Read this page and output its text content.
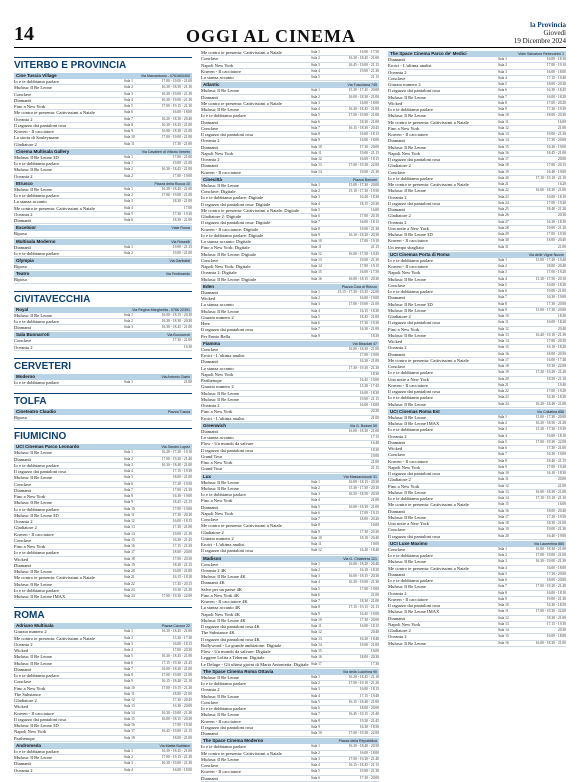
14	OGGI AL CINEMA
la Provincia
Giovedì
19 Dicembre 2024
VITERBO E PROVINCIA
Cine Tuscia Village	Via Marcantonio - 0761800400
Io e te dobbiamo parlare	Sala 1	17.00 - 19.00 - 21.00
Mufasa: Il Re Leone	Sala 2	16.30 - 18.50 - 21.10
Conclave	Sala 3	16.30 - 19.00 - 21.30
Diamanti	Sala 4	16.30 - 19.00 - 21.30
Fino a New York	Sala 5	17.00 - 19.15 - 21.30
Me contro te presenta: Cattivissimi a Natale	Sala 6	16.00 - 18.00
Oceania 2	Sala 7	16.20 - 18.30 - 20.40
Il ragazzo dai pantaloni rosa	Sala 8	16.30 - 18.45 - 21.00
Kraven - Il cacciatore	Sala 9	16.00 - 18.30 - 21.00
La storia di Souleymane	Sala 10	17.00 - 19.00 - 21.00
Gladiatore 2	Sala 11	17.30 - 21.00
Cinema Multisala Gallery	Via Cavalieri di Vittorio Veneto
Mufasa: Il Re Leone 3D	Sala 1	17.00 - 21.00
Io e te dobbiamo parlare	Sala 1	19.00 - 21.00
Mufasa: Il Re Leone	Sala 2	16.30 - 18.45 - 21.00
Oceania 2	Sala 2	17.00 - 19.00
Etrusco	Piazza della Rocca 10
Mufasa: Il Re Leone	Sala 1	16.30 - 18.45 - 21.00
Io e te dobbiamo parlare	Sala 2	17.00 - 19.00 - 21.00
La stanza accanto	Sala 3	18.30 - 21.00
Me contro te presenta: Cattivissimi a Natale	Sala 4	17.00
Oceania 2	Sala 5	17.30 - 19.30
Diamanti	Sala 6	18.30 - 21.00
Excelsior	Viale Roma
Riposo
Multisala Moderno	Via Rosselli
Diamanti	Sala 1	19.00 - 21.15
Io e te dobbiamo parlare	Sala 2	19.00 - 21.00
Olympia	Via Garibaldi
Riposo
Teatro	Via Ferdinando
Riposo
CIVITAVECCHIA
Royal	Via Regina Margherita - 0766 22391
Mufasa: Il Re Leone	Sala 1	16.00 - 18.15 - 20.30
Io e te dobbiamo parlare	Sala 2	16.30 - 18.30 - 20.30
Diamanti	Sala 3	16.30 - 18.45 - 21.00
Sala Buonarroti	Via Buonarroti
Conclave	17.30 - 21.00
Oceania 2	16.30
CERVETERI
Moderno	Via Antonio Ciarlo
Io e te dobbiamo parlare	Sala 1	21.00
TOLFA
Cineteatro Claudio	Piazza Tuscia
Riposo
FIUMICINO
UCI Cinemas Parco Leonardo	Via Sandro Lopez
Mufasa: Il Re Leone	Sala 1	16.20 - 17.20 - 19.10
Diamanti	Sala 2	17.00 - 19.20 - 21.40
Io e te dobbiamo parlare	Sala 3	16.30 - 18.40 - 21.00
Il ragazzo dai pantaloni rosa	Sala 4	17.15 - 19.30
Mufasa: Il Re Leone	Sala 5	18.00 - 21.00
Conclave	Sala 6	17.20 - 19.50
Diamanti	Sala 7	17.00 - 21.30
Fino a New York	Sala 8	16.30 - 19.00
Mufasa: Il Re Leone	Sala 9	18.45 - 21.15
Io e te dobbiamo parlare	Sala 10	17.00 - 19.00
Mufasa: Il Re Leone 3D	Sala 11	17.30 - 20.30
Oceania 2	Sala 12	16.00 - 18.15
Gladiatore 2	Sala 13	17.30 - 21.00
Kraven - Il cacciatore	Sala 14	19.00 - 21.30
Conclave	Sala 15	16.30 - 21.45
Fino a New York	Sala 16	17.15 - 21.30
Io e te dobbiamo parlare	Sala 17	18.00 - 20.00
Wicked	Sala 18	17.00 - 20.30
Diamanti	Sala 19	18.30 - 21.15
Mufasa: Il Re Leone	Sala 20	16.00 - 21.00
Me contro te presenta: Cattivissimi a Natale	Sala 21	16.15 - 18.10
Mufasa: Il Re Leone	Sala 22	17.45 - 20.15
Io e te dobbiamo parlare	Sala 23	19.30 - 21.30
Mufasa: Il Re Leone IMAX	Sala 24	17.00 - 19.30 - 22.00
ROMA
Adriano Multisala	Piazza Cavour 22
Giurato numero 2	Sala 1	16.30 - 18.45 - 21.00
Me contro te presenta: Cattivissimi a Natale	Sala 2	15.30 - 17.30
Oceania 2	Sala 3	16.00 - 18.15
Wicked	Sala 4	17.00 - 20.30
Mufasa: Il Re Leone	Sala 5	16.30 - 18.45 - 21.00
Mufasa: Il Re Leone	Sala 6	17.15 - 19.30 - 21.45
Diamanti	Sala 7	16.00 - 18.30 - 21.00
Io e te dobbiamo parlare	Sala 8	17.00 - 19.00 - 21.00
Conclave	Sala 9	16.15 - 18.40 - 21.10
Fino a New York	Sala 10	17.00 - 19.15 - 21.30
The Substance	Sala 11	18.00 - 21.00
Gladiatore 2	Sala 12	17.30 - 20.45
Wicked	Sala 13	16.30 - 20.00
Kraven - Il cacciatore	Sala 14	16.30 - 19.00 - 21.30
Il ragazzo dai pantaloni rosa	Sala 15	16.00 - 18.15 - 20.30
Mufasa: Il Re Leone 3D	Sala 16	17.00 - 19.30
Napoli New York	Sala 17	16.45 - 19.00 - 21.15
Parthenope	Sala 18	18.00 - 21.00
Andromeda	Via Mattia Battistini
Io e te dobbiamo parlare	Sala 1	16.30 - 18.45 - 21.00
Mufasa: Il Re Leone	Sala 2	17.00 - 19.15 - 21.30
Diamanti	Sala 3	16.30 - 19.00 - 21.30
Oceania 2	Sala 4	16.00 - 18.00
Me contro te presenta: Cattivissimi a Natale	Sala 1	16.00 - 17.50
Conclave	Sala 2	16.30 - 18.45 - 21.00
Napoli New York	Sala 3	16.45 - 19.00 - 21.15
Kraven - Il cacciatore	Sala 4	19.00 - 21.30
La stanza accanto	Sala 5	21.15
Atlantic	Via Tuscolana 745
Mufasa: Il Re Leone	Sala 1	15.30 - 17.45 - 20.00
Diamanti	Sala 2	16.00 - 18.30 - 21.00
Me contro te presenta: Cattivissimi a Natale	Sala 3	16.00 - 18.00
Mufasa: Il Re Leone	Sala 4	16.30 - 18.45 - 21.00
Io e te dobbiamo parlare	Sala 5	17.00 - 19.00 - 21.00
Diamanti	Sala 6	18.30 - 21.00
Conclave	Sala 7	16.15 - 18.30 - 20.45
Il ragazzo dai pantaloni rosa	Sala 8	16.00 - 18.15
Oceania 2	Sala 9	16.00 - 18.00
Diamanti	Sala 10	17.30 - 20.00
Napoli New York	Sala 11	19.00 - 21.15
Oceania 2	Sala 12	16.00 - 18.15
Diamanti	Sala 13	17.00 - 19.30 - 22.00
Kraven - Il cacciatore	Sala 14	19.00 - 21.30
Cinecittà	Piazza Bonomi
Mufasa: Il Re Leone	Sala 1	15.00 - 17.30 - 20.00
Conclave: Digitale	Sala 2	15.10 - 17.30 - 19.50
Io e te dobbiamo parlare: Digitale	Sala 3	16.20 - 18.30
Il ragazzo dai pantaloni rosa: Digitale	Sala 4	18.15 - 20.30
Me contro te presenta: Cattivissimi a Natale: Digitale	Sala 5	16.00
Gladiatore 2: Digitale	Sala 6	17.00 - 20.10
Il ragazzo dai pantaloni rosa: Digitale	Sala 7	16.00 - 18.15
Kraven - Il cacciatore: Digitale	Sala 8	19.00 - 21.30
Io e te dobbiamo parlare: Digitale	Sala 9	16.10 - 18.20 - 20.30
La stanza accanto: Digitale	Sala 10	17.00 - 19.10
Fino a New York: Digitale	Sala 11	21.15
Mufasa: Il Re Leone: Digitale	Sala 12	16.00 - 17.50 - 19.45
Conclave	Sala 13	19.00 - 21.30
Napoli New York: Digitale	Sala 14	17.00 - 19.15
Oceania 2: Digitale	Sala 15	16.00 - 17.50
Mufasa: Il Re Leone: Digitale	Sala 16	16.00 - 18.15 - 20.30
Eden	Piazza Cola di Rienzo
Diamanti	Sala 1	15.15 - 17.30 - 19.45 - 22.00
Wicked	Sala 2	16.00 - 19.00
La stanza accanto	Sala 3	17.00 - 19.00 - 21.00
Mufasa: Il Re Leone	Sala 4	16.15 - 18.30
Giurato numero 2	Sala 5	18.45 - 21.00
Here	Sala 6	17.30 - 19.30
Il ragazzo dai pantaloni rosa	Sala 7	16.30 - 21.00
Per Ennio Bella	Sala 8	18.30
Fiamma	Via Bissolati 47
Conclave	16.00 - 18.30 - 21.00
Eroici - L'ultima analisi	17.00 - 19.00
Diamanti	16.30 - 21.00
La stanza accanto	17.30 - 19.30 - 21.30
Napoli New York	18.30
Parthenope	16.45 - 19.00
Giurato numero 2	15.30 - 17.45
Mufasa: Il Re Leone	16.00 - 18.30
Mufasa: Il Re Leone	19.00 - 21.15
Oceania 2	16.00 - 18.00
Fino a New York	20.30
Eroici - L'ultima analisi	21.00
Greenwich	Via G. Bodoni 59
Diamanti	16.00 - 18.30 - 21.00
La stanza accanto	17.15
Flow - Un mondo da salvare	16.40
Il ragazzo dai pantaloni rosa	18.30
Grand Tour	19.00
Fino a New York	21.00
Grand Tour	21.15
Lux	Via Massaciuccoli 31
Mufasa: Il Re Leone	Sala 1	16.00 - 18.15 - 20.30
Mufasa: Il Re Leone	Sala 2	15.30 - 17.50 - 20.10
Io e te dobbiamo parlare	Sala 3	16.50 - 18.50 - 20.50
Fino a New York	Sala 4	21.00
Diamanti	Sala 5	16.00 - 18.30 - 21.00
Napoli New York	Sala 6	17.00 - 19.15
Conclave	Sala 7	18.00 - 20.20
Me contro te presenta: Cattivissimi a Natale	Sala 8	16.00
Gladiatore 2	Sala 9	17.30 - 20.30
Giurato numero 2	Sala 10	18.10 - 20.40
Eroici - L'ultima analisi	Sala 11	19.00
Il ragazzo dai pantaloni rosa	Sala 12	16.20 - 18.40
Madison	Via G. Chiabrera 121
Conclave	Sala 1	16.00 - 18.20 - 20.40
Oceania 2 4K	Sala 2	16.10 - 18.20
Mufasa: Il Re Leone 4K	Sala 3	16.00 - 18.15 - 20.30
Diamanti 4K	Sala 4	16.30 - 19.00 - 21.30
Salve per un paese 4K	Sala 5	17.00 - 19.00
Fino a New York 4K	Sala 6	21.00
Kraven - Il cacciatore 4K	Sala 7	18.30 - 21.00
La stanza accanto 4K	Sala 8	17.15 - 19.15 - 21.15
Napoli New York 4K	Sala 9	16.45 - 19.00
Mufasa: Il Re Leone 4K	Sala 10	17.30 - 20.00
Il ragazzo dai pantaloni rosa 4K	Sala 11	16.00 - 18.15
The Substance 4K	Sala 12	20.40
Il ragazzo dai pantaloni rosa 4K	Sala 13	16.20 - 18.40
Bollywood - La grande ambizione: Digitale	Sala 14	19.00 - 21.00
Flow - Un mondo da salvare: Digitale	Sala 15	16.00
Leggere Lolita a Teheran: Digitale	Sala 16	18.00 - 20.30
Le Deluge - Gli ultimi giorni di Maria Antonietta: Digitale Sala 17	17.30
The Space Cinema Roma Ottavia	Via della Lucchina 90
Mufasa: Il Re Leone	Sala 1	16.20 - 18.45 - 21.10
Io e te dobbiamo parlare	Sala 2	17.00 - 19.10 - 21.20
Oceania 2	Sala 3	16.00 - 18.15
Mufasa: Il Re Leone	Sala 4	17.15 - 19.40
Conclave	Sala 5	16.15 - 18.40 - 21.00
Io e te dobbiamo parlare	Sala 6	18.00 - 20.00
Mufasa: Il Re Leone	Sala 7	16.45 - 19.15 - 21.40
Kraven - Il cacciatore	Sala 8	19.20 - 21.45
Il ragazzo dai pantaloni rosa	Sala 9	16.30 - 18.50
Diamanti	Sala 10	17.00 - 19.30 - 22.00
The Space Cinema Moderno	Piazza della Repubblica
Io e te dobbiamo parlare	Sala 1	16.30 - 18.40 - 20.50
Me contro te presenta: Cattivissimi a Natale	Sala 2	16.00 - 18.00
Mufasa: Il Re Leone	Sala 3	17.00 - 19.20 - 21.40
Conclave	Sala 4	16.15 - 18.45 - 21.15
Kraven - Il cacciatore	Sala 5	19.00 - 21.30
Diamanti	Sala 6	17.30 - 20.00
The Space Cinema Parco de' Medici	Viale Salvatore Rebecchini 1
Diamanti	Sala 1	16.00 - 18.30
Eroici - L'ultima analisi	Sala 2	17.00 - 19.10
Oceania 2	Sala 3	16.00 - 18.00
Conclave	Sala 4	17.15 - 19.40
Giurato numero 2	Sala 5	18.00 - 20.30
Il ragazzo dai pantaloni rosa	Sala 6	16.30 - 18.45
Mufasa: Il Re Leone	Sala 7	16.00 - 18.20
Wicked	Sala 8	17.00 - 20.20
Io e te dobbiamo parlare	Sala 9	17.30 - 19.30
Mufasa: Il Re Leone	Sala 10	18.00 - 20.30
Me contro te presenta: Cattivissimi a Natale	Sala 11	16.00
Fino a New York	Sala 12	21.00
Kraven - Il cacciatore	Sala 13	19.00 - 21.30
Diamanti	Sala 14	17.30 - 20.00
Mufasa: Il Re Leone	Sala 15	16.30 - 19.00
Napoli New York	Sala 16	18.45 - 21.00
Il ragazzo dai pantaloni rosa	Sala 17	20.00
Gladiatore 2	Sala 18	17.00 - 20.15
Conclave	Sala 19	16.40 - 19.00
Io e te dobbiamo parlare	Sala 20	17.10 - 19.10 - 21.10
Me contro te presenta: Cattivissimi a Natale	Sala 21	16.20
Mufasa: Il Re Leone	Sala 22	16.00 - 18.30 - 21.00
Oceania 2	Sala 23	16.00 - 18.10
Il ragazzo dai pantaloni rosa	Sala 24	17.00 - 19.20
Diamanti	Sala 25	18.40 - 21.20
Gladiatore 2	Sala 26	20.30
Oceania 2	Sala 27	16.30 - 18.30
Una notte a New York	Sala 28	19.00 - 21.10
Mufasa: Il Re Leone 3D	Sala 29	17.00 - 19.30
Kraven - Il cacciatore	Sala 30	18.00 - 20.40
Un tempo sbagliato	Sala 31	21.00
UCI Cinemas Porta di Roma	Via delle Vigne Nuove
Io e te dobbiamo parlare	Sala 1	15.00 - 17.20 - 19.40
Kraven - Il cacciatore	Sala 2	18.00 - 20.40
Napoli New York	Sala 3	17.00 - 19.20
Mufasa: Il Re Leone	Sala 4	15.30 - 17.50 - 20.10
Conclave	Sala 5	16.00 - 18.30
Io e te dobbiamo parlare	Sala 6	19.00 - 21.00
Diamanti	Sala 7	16.30 - 19.00
Mufasa: Il Re Leone 3D	Sala 8	17.30 - 20.00
Mufasa: Il Re Leone	Sala 9	15.00 - 17.30 - 20.00
Gladiatore 2	Sala 10	18.30
Il ragazzo dai pantaloni rosa	Sala 11	16.00 - 18.20
Fino a New York	Sala 12	20.40
Mufasa: Il Re Leone	Sala 13	16.40 - 19.10 - 21.30
Wicked	Sala 14	17.00 - 20.30
Oceania 2	Sala 15	16.10 - 18.20
Diamanti	Sala 16	18.00 - 20.50
Me contro te presenta: Cattivissimi a Natale	Sala 17	16.00 - 17.40
Conclave	Sala 18	19.30 - 22.00
Io e te dobbiamo parlare	Sala 19	17.20 - 19.20 - 21.20
Una notte a New York	Sala 20	18.50 - 21.10
Kraven - Il cacciatore	Sala 21	19.40
Il ragazzo dai pantaloni rosa	Sala 22	17.00 - 19.20
Io e te dobbiamo parlare	Sala 23	16.30 - 18.30
Mufasa: Il Re Leone	Sala 24	16.20 - 18.40 - 21.00
UCI Cinemas Roma Est	Via Collatina 858
Mufasa: Il Re Leone	Sala 1	15.00 - 17.30 - 20.00
Mufasa: Il Re Leone IMAX	Sala 2	16.20 - 18.50 - 21.20
Io e te dobbiamo parlare	Sala 3	15.30 - 17.30 - 19.30
Oceania 2	Sala 4	16.00 - 18.10
Diamanti	Sala 5	17.00 - 19.30 - 22.00
Wicked	Sala 6	17.30 - 21.00
Conclave	Sala 7	16.30 - 19.00
Kraven - Il cacciatore	Sala 8	18.40 - 21.15
Napoli New York	Sala 9	17.00 - 19.20
Il ragazzo dai pantaloni rosa	Sala 10	16.10 - 18.30
Gladiatore 2	Sala 11	20.00
Fino a New York	Sala 12	21.00
Mufasa: Il Re Leone	Sala 13	16.00 - 18.30 - 21.00
Io e te dobbiamo parlare	Sala 14	17.10 - 19.10 - 21.10
Me contro te presenta: Cattivissimi a Natale	Sala 15	16.00
Diamanti	Sala 16	18.00 - 20.40
Mufasa: Il Re Leone	Sala 17	17.20 - 19.50
Una notte a New York	Sala 18	18.30 - 21.00
Conclave	Sala 19	19.00 - 21.30
Il ragazzo dai pantaloni rosa	Sala 20	16.40 - 19.00
UCI Luxe Maximo	Via Laurentina 865
Conclave	Sala 1	16.00 - 18.30 - 21.00
Io e te dobbiamo parlare	Sala 2	17.00 - 19.00 - 21.00
Mufasa: Il Re Leone	Sala 3	16.30 - 19.00 - 21.30
Me contro te presenta: Cattivissimi a Natale	Sala 4	16.00 - 18.00
Diamanti	Sala 5	17.30 - 20.00
Io e te dobbiamo parlare	Sala 6	18.00 - 20.00
Mufasa: Il Re Leone	Sala 7	17.00 - 19.20 - 21.40
Oceania 2	Sala 8	16.00 - 18.10
Kraven - Il cacciatore	Sala 9	19.00 - 21.30
Il ragazzo dai pantaloni rosa	Sala 10	16.30 - 18.50
Mufasa: Il Re Leone IMAX	Sala 11	17.00 - 19.30 - 22.00
Diamanti	Sala 12	18.30 - 21.00
Napoli New York	Sala 13	17.15 - 19.30
Gladiatore 2	Sala 14	20.30
Oceania 2	Sala 15	16.00 - 18.00
Mufasa: Il Re Leone	Sala 16	16.00 - 18.30 - 21.00
